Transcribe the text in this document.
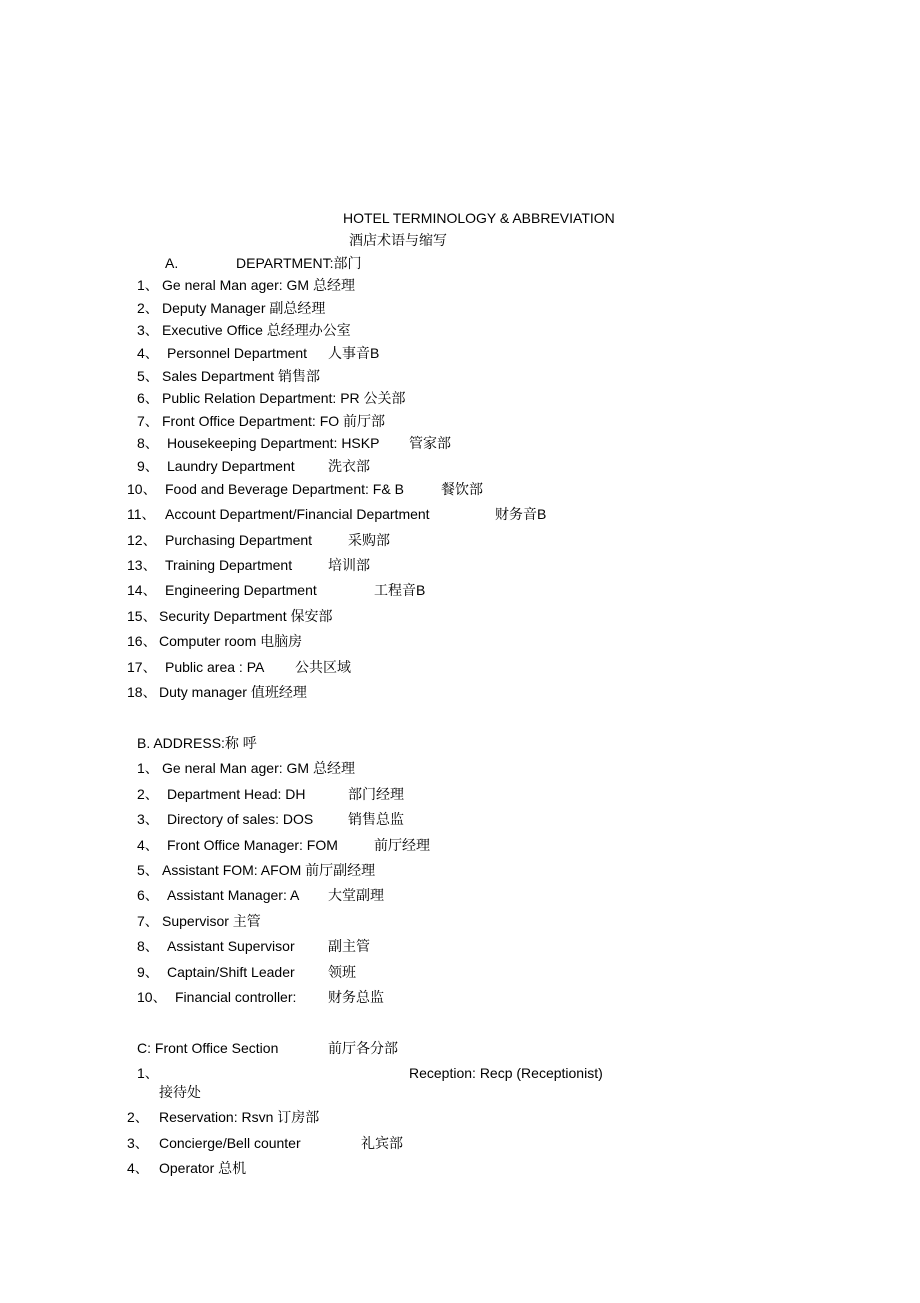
HOTEL TERMINOLOGY & ABBREVIATION
酒店术语与缩写
A.	DEPARTMENT:部门
1、 Ge neral Man ager: GM 总经理
2、 Deputy Manager 副总经理
3、 Executive Office 总经理办公室
4、 Personnel Department 人事音B
5、 Sales Department 销售部
6、 Public Relation Department: PR 公关部
7、 Front Office Department: FO 前厅部
8、 Housekeeping Department: HSKP 管家部
9、 Laundry Department 洗衣部
10、 Food and Beverage Department: F& B	餐饮部
11、 Account Department/Financial Department	财务音B
12、 Purchasing Department	采购部
13、 Training Department	培训部
14、 Engineering Department	工程音B
15、 Security Department 保安部
16、 Computer room 电脑房
17、 Public area : PA 公共区域
18、 Duty manager 值班经理
B. ADDRESS:称 呼
1、 Ge neral Man ager: GM 总经理
2、 Department Head: DH	部门经理
3、 Directory of sales: DOS 销售总监
4、 Front Office Manager: FOM	前厅经理
5、 Assistant FOM: AFOM 前厅副经理
6、 Assistant Manager: A 大堂副理
7、 Supervisor 主管
8、 Assistant Supervisor 副主管
9、 Captain/Shift Leader 领班
10、 Financial controller: 财务总监
C: Front Office Section	前厅各分部
1、	Reception: Recp (Receptionist)
接待处
2、 Reservation: Rsvn 订房部
3、 Concierge/Bell counter	礼宾部
4、 Operator 总机
